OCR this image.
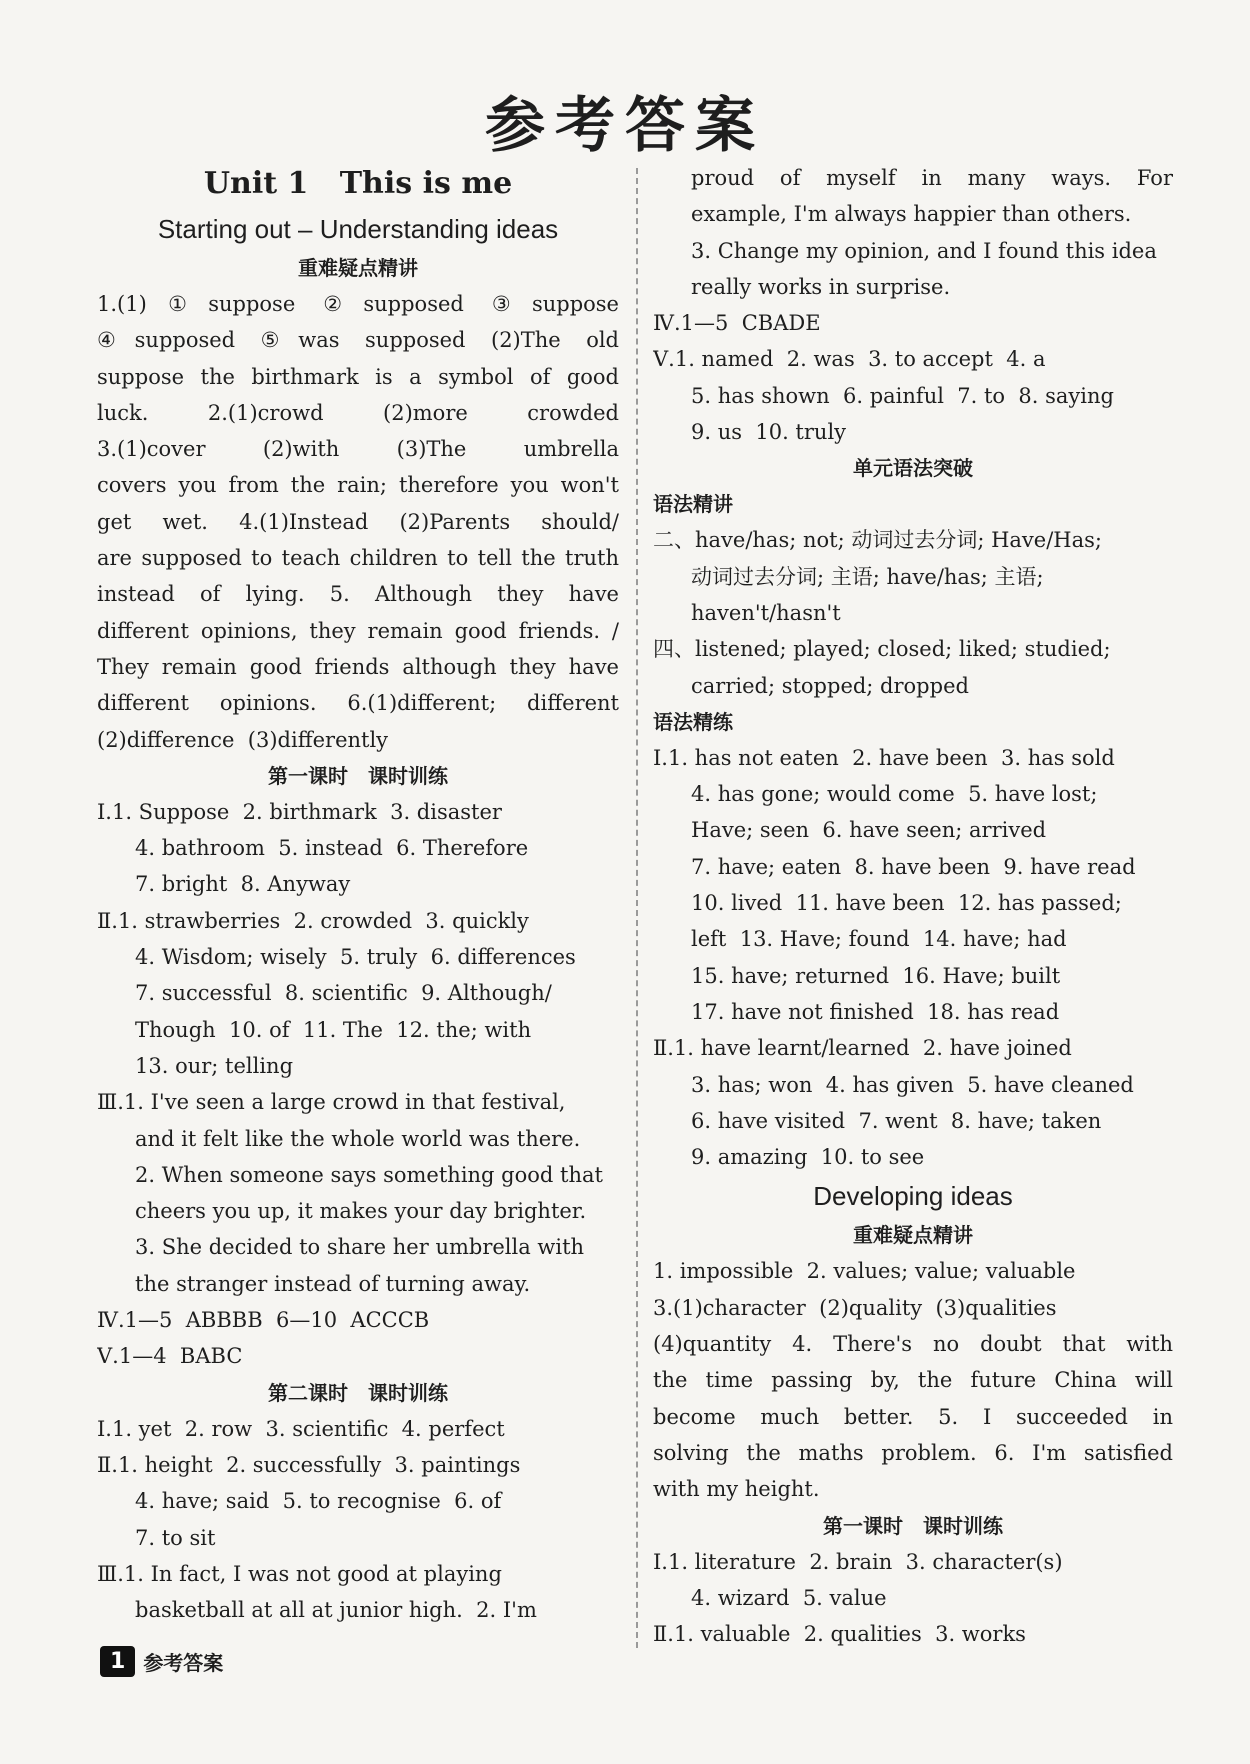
参考答案
Unit 1   This is me
Starting out – Understanding ideas
重难疑点精讲
1.(1)①suppose ②supposed ③suppose
④supposed ⑤was supposed (2)The old
suppose the birthmark is a symbol of good
luck. 2.(1)crowd (2)more crowded
3.(1)cover (2)with (3)The umbrella
covers you from the rain; therefore you won't
get wet. 4.(1)Instead (2)Parents should/
are supposed to teach children to tell the truth
instead of lying. 5. Although they have
different opinions, they remain good friends. /
They remain good friends although they have
different opinions. 6.(1)different; different
(2)difference  (3)differently
第一课时　课时训练
Ⅰ.1. Suppose  2. birthmark  3. disaster
4. bathroom  5. instead  6. Therefore
7. bright  8. Anyway
Ⅱ.1. strawberries  2. crowded  3. quickly
4. Wisdom; wisely  5. truly  6. differences
7. successful  8. scientific  9. Although/
Though  10. of  11. The  12. the; with
13. our; telling
Ⅲ.1. I've seen a large crowd in that festival,
and it felt like the whole world was there.
2. When someone says something good that
cheers you up, it makes your day brighter.
3. She decided to share her umbrella with
the stranger instead of turning away.
Ⅳ.1—5  ABBBB  6—10  ACCCB
Ⅴ.1—4  BABC
第二课时　课时训练
Ⅰ.1. yet  2. row  3. scientific  4. perfect
Ⅱ.1. height  2. successfully  3. paintings
4. have; said  5. to recognise  6. of
7. to sit
Ⅲ.1. In fact, I was not good at playing
basketball at all at junior high.  2. I'm
proud of myself in many ways. For
example, I'm always happier than others.
3. Change my opinion, and I found this idea
really works in surprise.
Ⅳ.1—5  CBADE
Ⅴ.1. named  2. was  3. to accept  4. a
5. has shown  6. painful  7. to  8. saying
9. us  10. truly
单元语法突破
语法精讲
二、have/has; not; 动词过去分词; Have/Has;
动词过去分词; 主语; have/has; 主语;
haven't/hasn't
四、listened; played; closed; liked; studied;
carried; stopped; dropped
语法精练
Ⅰ.1. has not eaten  2. have been  3. has sold
4. has gone; would come  5. have lost;
Have; seen  6. have seen; arrived
7. have; eaten  8. have been  9. have read
10. lived  11. have been  12. has passed;
left  13. Have; found  14. have; had
15. have; returned  16. Have; built
17. have not finished  18. has read
Ⅱ.1. have learnt/learned  2. have joined
3. has; won  4. has given  5. have cleaned
6. have visited  7. went  8. have; taken
9. amazing  10. to see
Developing ideas
重难疑点精讲
1. impossible  2. values; value; valuable
3.(1)character  (2)quality  (3)qualities
(4)quantity 4. There's no doubt that with
the time passing by, the future China will
become much better. 5. I succeeded in
solving the maths problem. 6. I'm satisfied
with my height.
第一课时　课时训练
Ⅰ.1. literature  2. brain  3. character(s)
4. wizard  5. value
Ⅱ.1. valuable  2. qualities  3. works
1 参考答案
